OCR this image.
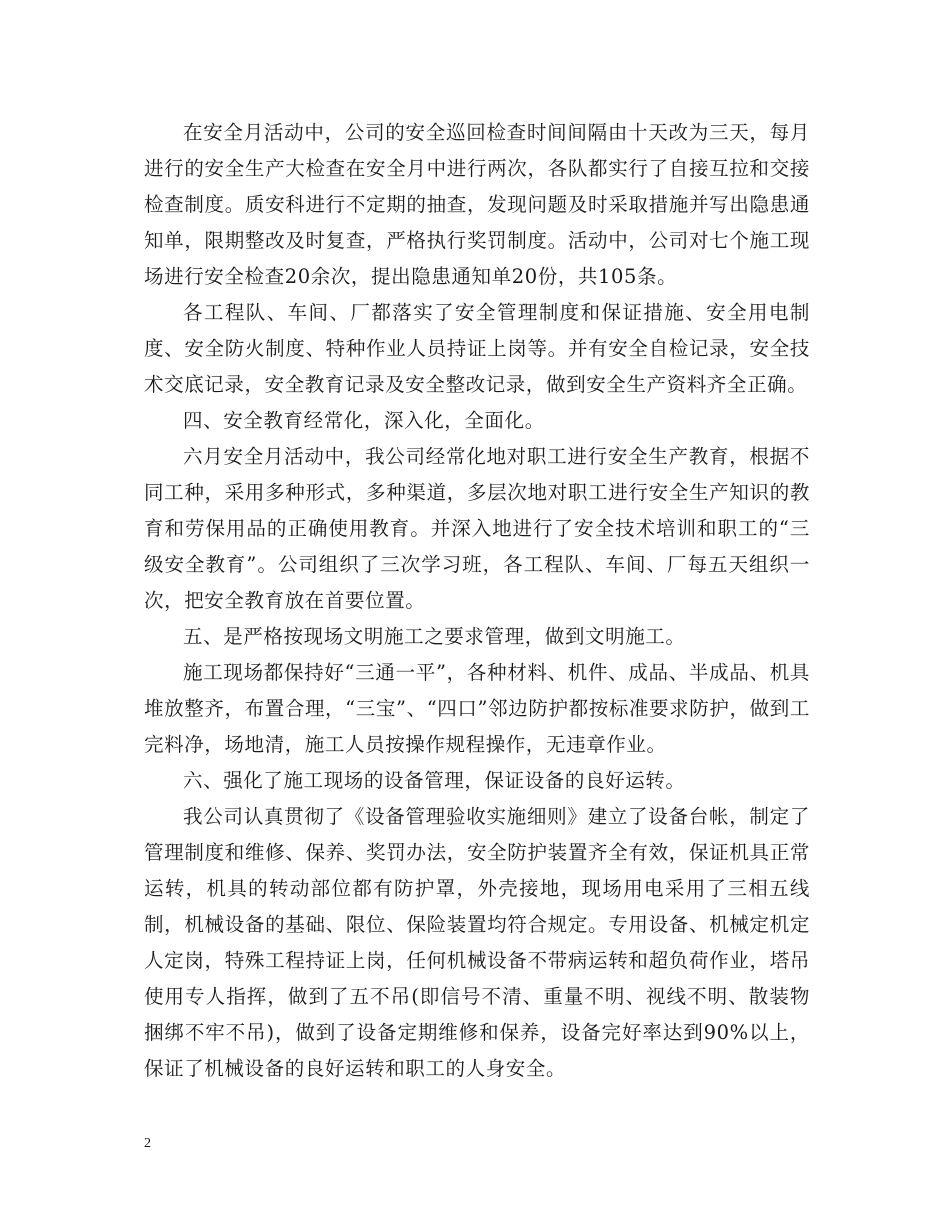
在安全月活动中，公司的安全巡回检查时间间隔由十天改为三天，每月进行的安全生产大检查在安全月中进行两次，各队都实行了自接互拉和交接检查制度。质安科进行不定期的抽查，发现问题及时采取措施并写出隐患通知单，限期整改及时复查，严格执行奖罚制度。活动中，公司对七个施工现场进行安全检查20余次，提出隐患通知单20份，共105条。

各工程队、车间、厂都落实了安全管理制度和保证措施、安全用电制度、安全防火制度、特种作业人员持证上岗等。并有安全自检记录，安全技术交底记录，安全教育记录及安全整改记录，做到安全生产资料齐全正确。

四、安全教育经常化，深入化，全面化。

六月安全月活动中，我公司经常化地对职工进行安全生产教育，根据不同工种，采用多种形式，多种渠道，多层次地对职工进行安全生产知识的教育和劳保用品的正确使用教育。并深入地进行了安全技术培训和职工的“三级安全教育”。公司组织了三次学习班，各工程队、车间、厂每五天组织一次，把安全教育放在首要位置。

五、是严格按现场文明施工之要求管理，做到文明施工。

施工现场都保持好“三通一平”，各种材料、机件、成品、半成品、机具堆放整齐，布置合理，“三宝”、“四口”邻边防护都按标准要求防护，做到工完料净，场地清，施工人员按操作规程操作，无违章作业。

六、强化了施工现场的设备管理，保证设备的良好运转。

我公司认真贯彻了《设备管理验收实施细则》建立了设备台帐，制定了管理制度和维修、保养、奖罚办法，安全防护装置齐全有效，保证机具正常运转，机具的转动部位都有防护罩，外壳接地，现场用电采用了三相五线制，机械设备的基础、限位、保险装置均符合规定。专用设备、机械定机定人定岗，特殊工程持证上岗，任何机械设备不带病运转和超负荷作业，塔吊使用专人指挥，做到了五不吊(即信号不清、重量不明、视线不明、散装物捆绑不牢不吊)，做到了设备定期维修和保养，设备完好率达到90%以上，保证了机械设备的良好运转和职工的人身安全。

2
